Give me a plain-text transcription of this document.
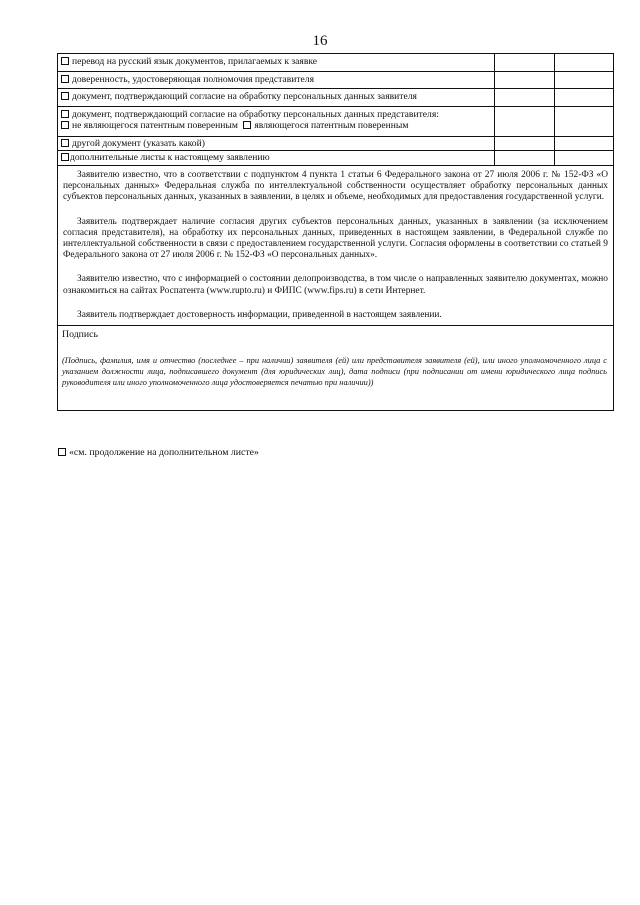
16
перевод на русский язык документов, прилагаемых к заявке
доверенность, удостоверяющая полномочия представителя
документ, подтверждающий согласие на обработку персональных данных заявителя
документ, подтверждающий согласие на обработку персональных данных представителя:
не являющегося патентным поверенным являющегося патентным поверенным
другой документ (указать какой)
дополнительные листы к настоящему заявлению

Заявителю известно, что в соответствии с подпунктом 4 пункта 1 статьи 6 Федерального закона от 27 июля 2006 г. № 152-ФЗ «О персональных данных» Федеральная служба по интеллектуальной собственности осуществляет обработку персональных данных субъектов персональных данных, указанных в заявлении, в целях и объеме, необходимых для предоставления государственной услуги.

Заявитель подтверждает наличие согласия других субъектов персональных данных, указанных в заявлении (за исключением согласия представителя), на обработку их персональных данных, приведенных в настоящем заявлении, в Федеральной службе по интеллектуальной собственности в связи с предоставлением государственной услуги. Согласия оформлены в соответствии со статьей 9 Федерального закона от 27 июля 2006 г. № 152-ФЗ «О персональных данных».

Заявителю известно, что с информацией о состоянии делопроизводства, в том числе о направленных заявителю документах, можно ознакомиться на сайтах Роспатента (www.rupto.ru) и ФИПС (www.fips.ru) в сети Интернет.

Заявитель подтверждает достоверность информации, приведенной в настоящем заявлении.

Подпись
(Подпись, фамилия, имя и отчество (последнее – при наличии) заявителя (ей) или представителя заявителя (ей), или иного уполномоченного лица с указанием должности лица, подписавшего документ (для юридических лиц), дата подписи (при подписании от имени юридического лица подпись руководителя или иного уполномоченного лица удостоверяется печатью при наличии))
«см. продолжение на дополнительном листе»
